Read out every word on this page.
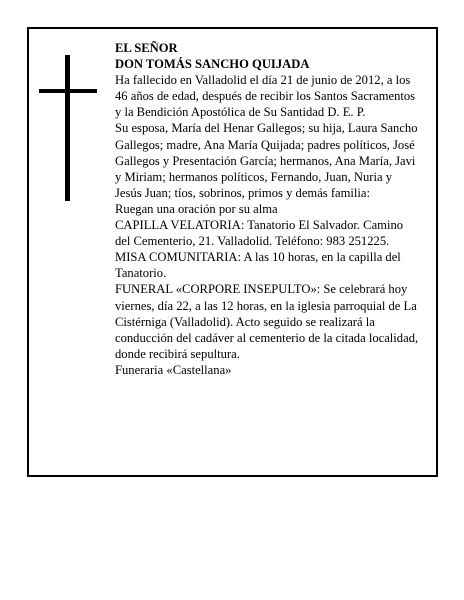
EL SEÑOR

DON TOMÁS SANCHO QUIJADA

Ha fallecido en Valladolid el día 21 de junio de 2012, a los 46 años de edad, después de recibir los Santos Sacramentos y la Bendición Apostólica de Su Santidad D. E. P.

Su esposa, María del Henar Gallegos; su hija, Laura Sancho Gallegos; madre, Ana María Quijada; padres políticos, José Gallegos y Presentación García; hermanos, Ana María, Javi y Miriam; hermanos políticos, Fernando, Juan, Nuria y Jesús Juan; tíos, sobrinos, primos y demás familia:

Ruegan una oración por su alma

CAPILLA VELATORIA: Tanatorio El Salvador. Camino del Cementerio, 21. Valladolid. Teléfono: 983 251225. MISA COMUNITARIA: A las 10 horas, en la capilla del Tanatorio.

FUNERAL «CORPORE INSEPULTO»: Se celebrará hoy viernes, día 22, a las 12 horas, en la iglesia parroquial de La Cistérniga (Valladolid). Acto seguido se realizará la conducción del cadáver al cementerio de la citada localidad, donde recibirá sepultura.

Funeraria «Castellana»
